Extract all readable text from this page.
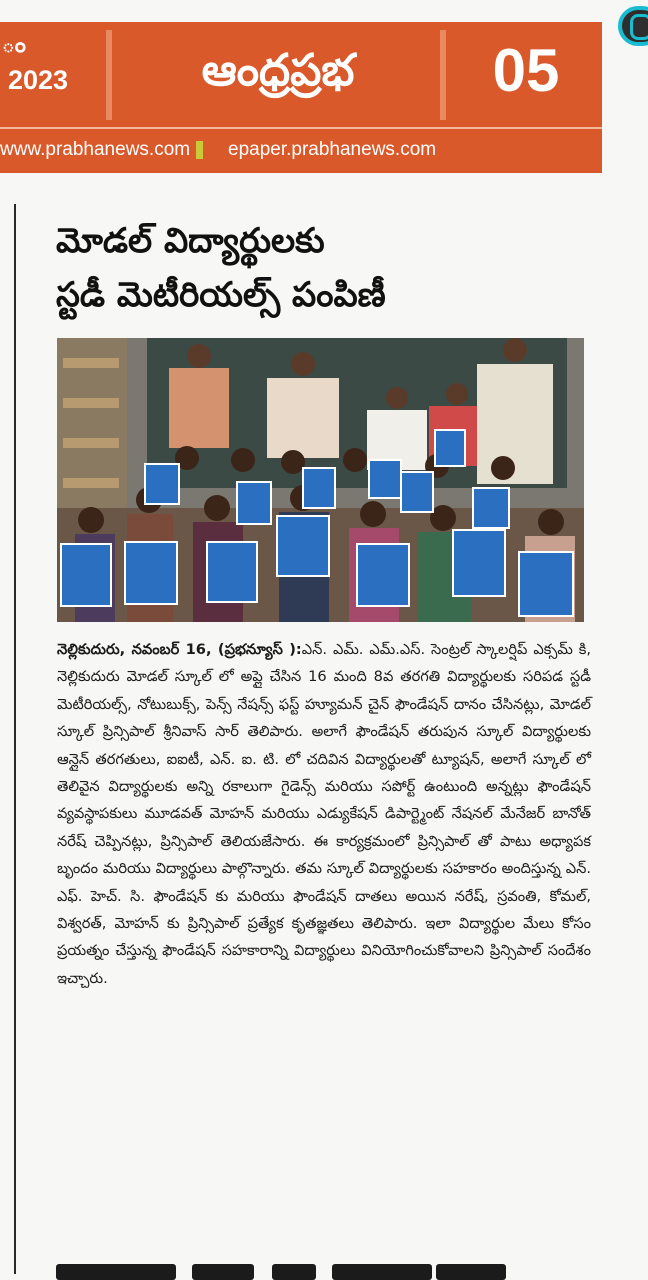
ం
2023	ఆంధ్రప్రభ	05
www.prabhanews.com epaper.prabhanews.com
మోడల్ విద్యార్థులకు
స్టడీ మెటీరియల్స్ పంపిణీ
నెల్లికుదురు, నవంబర్ 16, (ప్రభన్యూస్ ):ఎన్. ఎమ్. ఎమ్.ఎస్. సెంట్రల్ స్కాలర్షిప్ ఎక్సమ్ కి, నెల్లికుదురు మోడల్ స్కూల్ లో అప్లై చేసిన 16 మంది 8వ తరగతి విద్యార్థులకు సరిపడ స్టడీ మెటీరియల్స్, నోటుబుక్స్, పెన్స్ నేషన్స్ ఫస్ట్ హ్యూమన్ చైన్ ఫౌండేషన్ దానం చేసినట్లు, మోడల్ స్కూల్ ప్రిన్సిపాల్ శ్రీనివాస్ సార్ తెలిపారు. అలాగే ఫౌండేషన్ తరుపున స్కూల్ విద్యార్థులకు ఆన్లైన్ తరగతులు, ఐఐటీ, ఎన్. ఐ. టి. లో చదివిన విద్యార్థులతో ట్యూషన్, అలాగే స్కూల్ లో తెలివైన విద్యార్థులకు అన్ని రకాలుగా గైడెన్స్ మరియు సపోర్ట్ ఉంటుంది అన్నట్లు ఫౌండేషన్ వ్యవస్థాపకులు మూడవత్ మోహన్ మరియు ఎడ్యుకేషన్ డిపార్ట్మెంట్ నేషనల్ మేనేజర్ బానోత్ నరేష్ చెప్పినట్లు, ప్రిన్సిపాల్ తెలియజేసారు. ఈ కార్యక్రమంలో ప్రిన్సిపాల్ తో పాటు అధ్యాపక బృందం మరియు విద్యార్థులు పాల్గొన్నారు. తమ స్కూల్ విద్యార్థులకు సహకారం అందిస్తున్న ఎన్. ఎఫ్. హెచ్. సి. ఫౌండేషన్ కు మరియు ఫౌండేషన్ దాతలు అయిన నరేష్, స్రవంతి, కోమల్, విశ్వరత్, మోహన్ కు ప్రిన్సిపాల్ ప్రత్యేక కృతజ్ఞతలు తెలిపారు. ఇలా విద్యార్థుల మేలు కోసం ప్రయత్నం చేస్తున్న ఫౌండేషన్ సహకారాన్ని విద్యార్థులు వినియోగించుకోవాలని ప్రిన్సిపాల్ సందేశం ఇచ్చారు.
